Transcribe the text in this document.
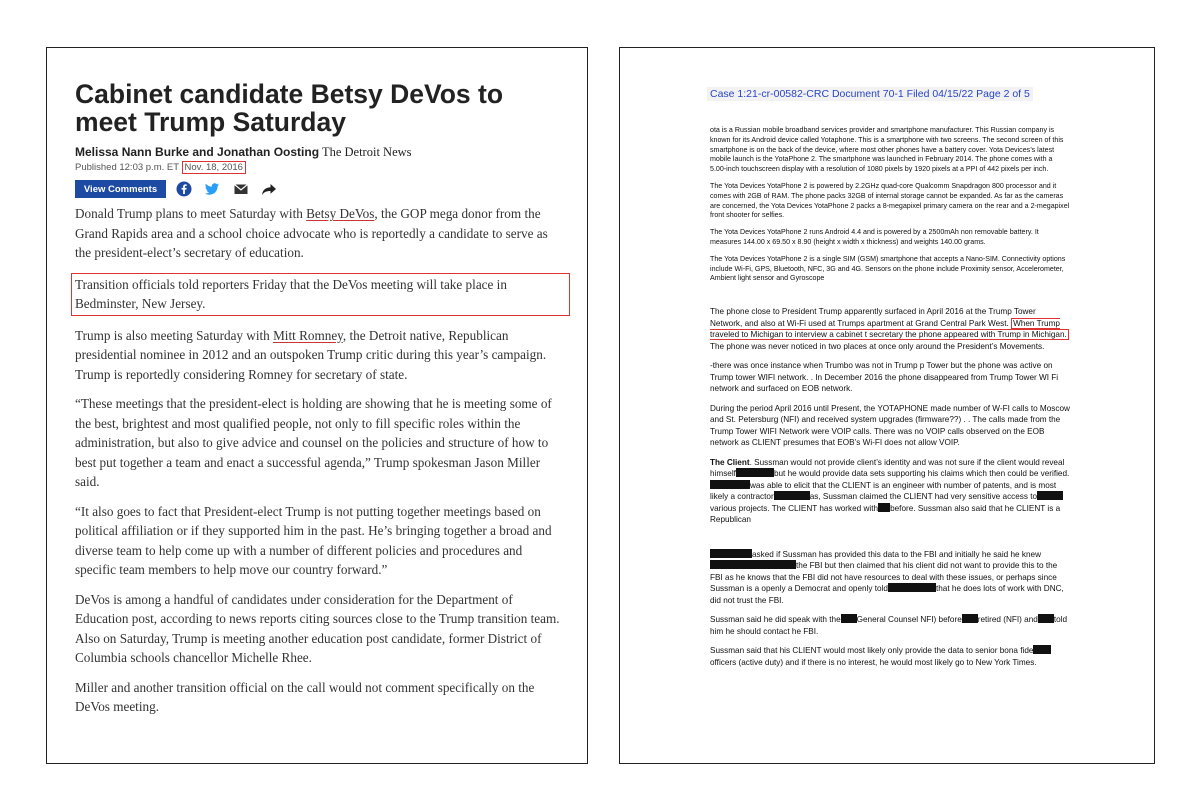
Cabinet candidate Betsy DeVos to meet Trump Saturday
Melissa Nann Burke and Jonathan Oosting The Detroit News
Published 12:03 p.m. ET Nov. 18, 2016
View Comments

Donald Trump plans to meet Saturday with Betsy DeVos, the GOP mega donor from the Grand Rapids area and a school choice advocate who is reportedly a candidate to serve as the president-elect’s secretary of education.

Transition officials told reporters Friday that the DeVos meeting will take place in Bedminster, New Jersey.

Trump is also meeting Saturday with Mitt Romney, the Detroit native, Republican presidential nominee in 2012 and an outspoken Trump critic during this year’s campaign. Trump is reportedly considering Romney for secretary of state.

“These meetings that the president-elect is holding are showing that he is meeting some of the best, brightest and most qualified people, not only to fill specific roles within the administration, but also to give advice and counsel on the policies and structure of how to best put together a team and enact a successful agenda,” Trump spokesman Jason Miller said.

“It also goes to fact that President-elect Trump is not putting together meetings based on political affiliation or if they supported him in the past. He’s bringing together a broad and diverse team to help come up with a number of different policies and procedures and specific team members to help move our country forward.”

DeVos is among a handful of candidates under consideration for the Department of Education post, according to news reports citing sources close to the Trump transition team. Also on Saturday, Trump is meeting another education post candidate, former District of Columbia schools chancellor Michelle Rhee.

Miller and another transition official on the call would not comment specifically on the DeVos meeting.

Case 1:21-cr-00582-CRC Document 70-1 Filed 04/15/22 Page 2 of 5

ota is a Russian mobile broadband services provider and smartphone manufacturer. This Russian company is known for its Android device called Yotaphone. This is a smartphone with two screens. The second screen of this smartphone is on the back of the device, where most other phones have a battery cover. Yota Devices’s latest mobile launch is the YotaPhone 2. The smartphone was launched in February 2014. The phone comes with a 5.00-inch touchscreen display with a resolution of 1080 pixels by 1920 pixels at a PPI of 442 pixels per inch.

The Yota Devices YotaPhone 2 is powered by 2.2GHz quad-core Qualcomm Snapdragon 800 processor and it comes with 2GB of RAM. The phone packs 32GB of internal storage cannot be expanded. As far as the cameras are concerned, the Yota Devices YotaPhone 2 packs a 8-megapixel primary camera on the rear and a 2-megapixel front shooter for selfies.

The Yota Devices YotaPhone 2 runs Android 4.4 and is powered by a 2500mAh non removable battery. It measures 144.00 x 69.50 x 8.90 (height x width x thickness) and weights 140.00 grams.

The Yota Devices YotaPhone 2 is a single SIM (GSM) smartphone that accepts a Nano-SIM. Connectivity options include Wi-Fi, GPS, Bluetooth, NFC, 3G and 4G. Sensors on the phone include Proximity sensor, Accelerometer, Ambient light sensor and Gyroscope

The phone close to President Trump apparently surfaced in April 2016 at the Trump Tower Network, and also at Wi-Fi used at Trumps apartment at Grand Central Park West. When Trump traveled to Michigan to interview a cabinet t secretary the phone appeared with Trump in Michigan. The phone was never noticed in two places at once only around the President’s Movements.

-there was once instance when Trumbo was not in Trump p Tower but the phone was active on Trump tower WIFI network. . In December 2016 the phone disappeared from Trump Tower WI Fi network and surfaced on EOB network.

During the period April 2016 until Present, the YOTAPHONE made number of W-FI calls to Moscow and St. Petersburg (NFI) and received system upgrades (firmware??) . . The calls made from the Trump Tower WIFI Network were VOIP calls. There was no VOIP calls observed on the EOB network as CLIENT presumes that EOB’s Wi-FI does not allow VOIP.

The Client. Sussman would not provide client’s identity and was not sure if the client would reveal himself	but he would provide data sets supporting his claims which then could be verified. was able to elicit that the CLIENT is an engineer with number of patents, and is most likely a contractor	as, Sussman claimed the CLIENT had very sensitive access tovarious projects. The CLIENT has worked with before. Sussman also said that he CLIENT is a Republican

asked if Sussman has provided this data to the FBI and initially he said he knewthe FBI but then claimed that his client did not want to provide this to the FBI as he knows that the FBI did not have resources to deal with these issues, or perhaps since Sussman is a openly a Democrat and openly told	that he does lots of work with DNC, did not trust the FBI.

Sussman said he did speak with the General Counsel NFI) before retired (NFI) and told him he should contact he FBI.

Sussman said that his CLIENT would most likely only provide the data to senior bona fideofficers (active duty) and if there is no interest, he would most likely go to New York Times.
